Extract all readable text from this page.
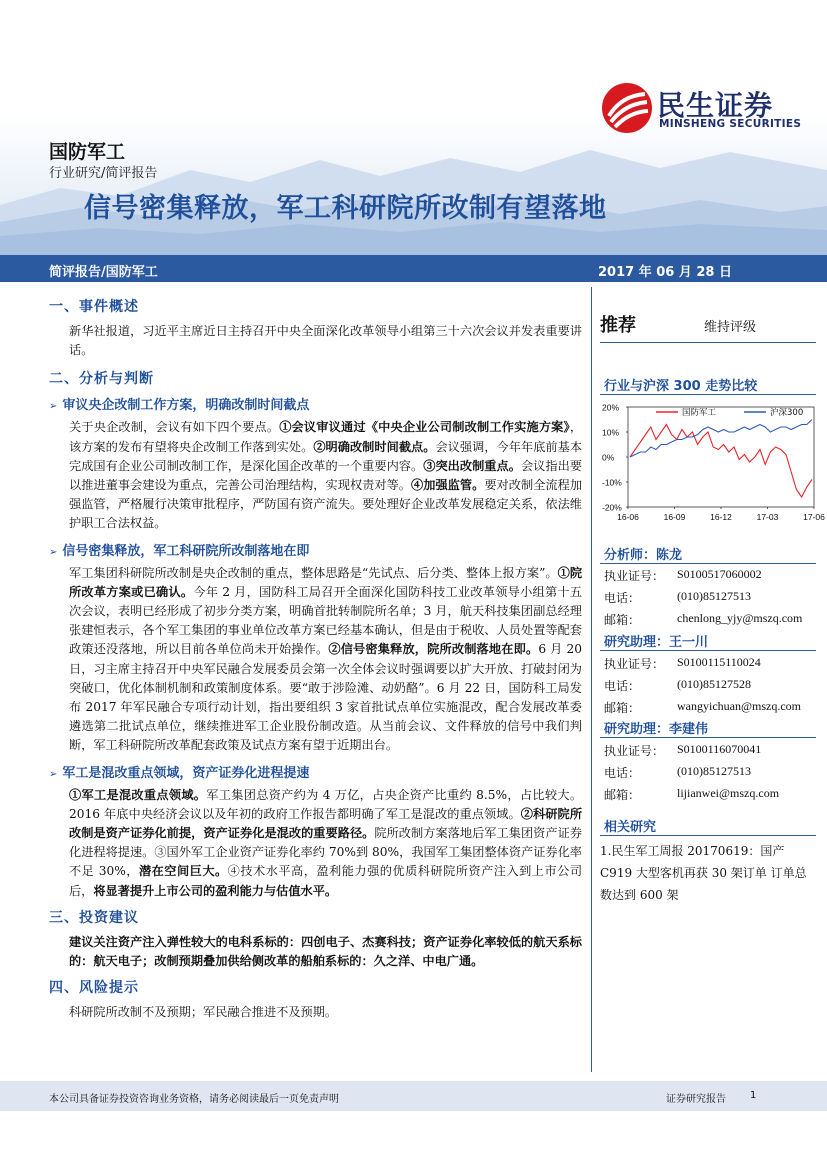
民生证券
MINSHENG SECURITIES
国防军工
行业研究/简评报告
信号密集释放，军工科研院所改制有望落地
简评报告/国防军工	2017 年 06 月 28 日
一、事件概述
新华社报道，习近平主席近日主持召开中央全面深化改革领导小组第三十六次会议并发表重要讲话。
二、分析与判断
➢ 审议央企改制工作方案，明确改制时间截点
关于央企改制，会议有如下四个要点。①会议审议通过《中央企业公司制改制工作实施方案》，该方案的发布有望将央企改制工作落到实处。②明确改制时间截点。会议强调，今年年底前基本完成国有企业公司制改制工作，是深化国企改革的一个重要内容。③突出改制重点。会议指出要以推进董事会建设为重点，完善公司治理结构，实现权责对等。④加强监管。要对改制全流程加强监管，严格履行决策审批程序，严防国有资产流失。要处理好企业改革发展稳定关系，依法维护职工合法权益。
➢ 信号密集释放，军工科研院所改制落地在即
军工集团科研院所改制是央企改制的重点，整体思路是“先试点、后分类、整体上报方案”。①院所改革方案或已确认。今年 2 月，国防科工局召开全面深化国防科技工业改革领导小组第十五次会议，表明已经形成了初步分类方案，明确首批转制院所名单；3 月，航天科技集团副总经理张建恒表示，各个军工集团的事业单位改革方案已经基本确认，但是由于税收、人员处置等配套政策还没落地，所以目前各单位尚未开始操作。②信号密集释放，院所改制落地在即。6 月 20 日，习主席主持召开中央军民融合发展委员会第一次全体会议时强调要以扩大开放、打破封闭为突破口，优化体制机制和政策制度体系。要“敢于涉险滩、动奶酪”。6 月 22 日，国防科工局发布 2017 年军民融合专项行动计划，指出要组织 3 家首批试点单位实施混改，配合发展改革委遴选第二批试点单位，继续推进军工企业股份制改造。从当前会议、文件释放的信号中我们判断，军工科研院所改革配套政策及试点方案有望于近期出台。
➢ 军工是混改重点领域，资产证券化进程提速
①军工是混改重点领域。军工集团总资产约为 4 万亿，占央企资产比重约 8.5%，占比较大。2016 年底中央经济会议以及年初的政府工作报告都明确了军工是混改的重点领域。②科研院所改制是资产证券化前提，资产证券化是混改的重要路径。院所改制方案落地后军工集团资产证券化进程将提速。③国外军工企业资产证券化率约 70%到 80%，我国军工集团整体资产证券化率不足 30%，潜在空间巨大。④技术水平高，盈利能力强的优质科研院所资产注入到上市公司后，将显著提升上市公司的盈利能力与估值水平。
三、投资建议
建议关注资产注入弹性较大的电科系标的：四创电子、杰赛科技；资产证券化率较低的航天系标的：航天电子；改制预期叠加供给侧改革的船舶系标的：久之洋、中电广通。
四、风险提示
科研院所改制不及预期；军民融合推进不及预期。
推荐	维持评级
行业与沪深 300 走势比较
20%
10%
0%
-10%
-20%
16-06	16-09	16-12	17-03	17-06
国防军工	沪深300
分析师：陈龙
执业证号： S0100517060002
电话：	(010)85127513
邮箱：	chenlong_yjy@mszq.com
研究助理：王一川
执业证号： S0100115110024
电话：	(010)85127528
邮箱：	wangyichuan@mszq.com
研究助理：李建伟
执业证号： S0100116070041
电话：	(010)85127513
邮箱：	lijianwei@mszq.com
相关研究
1.民生军工周报 20170619：国产 C919 大型客机再获 30 架订单 订单总数达到 600 架
本公司具备证券投资咨询业务资格，请务必阅读最后一页免责声明	证券研究报告 1
